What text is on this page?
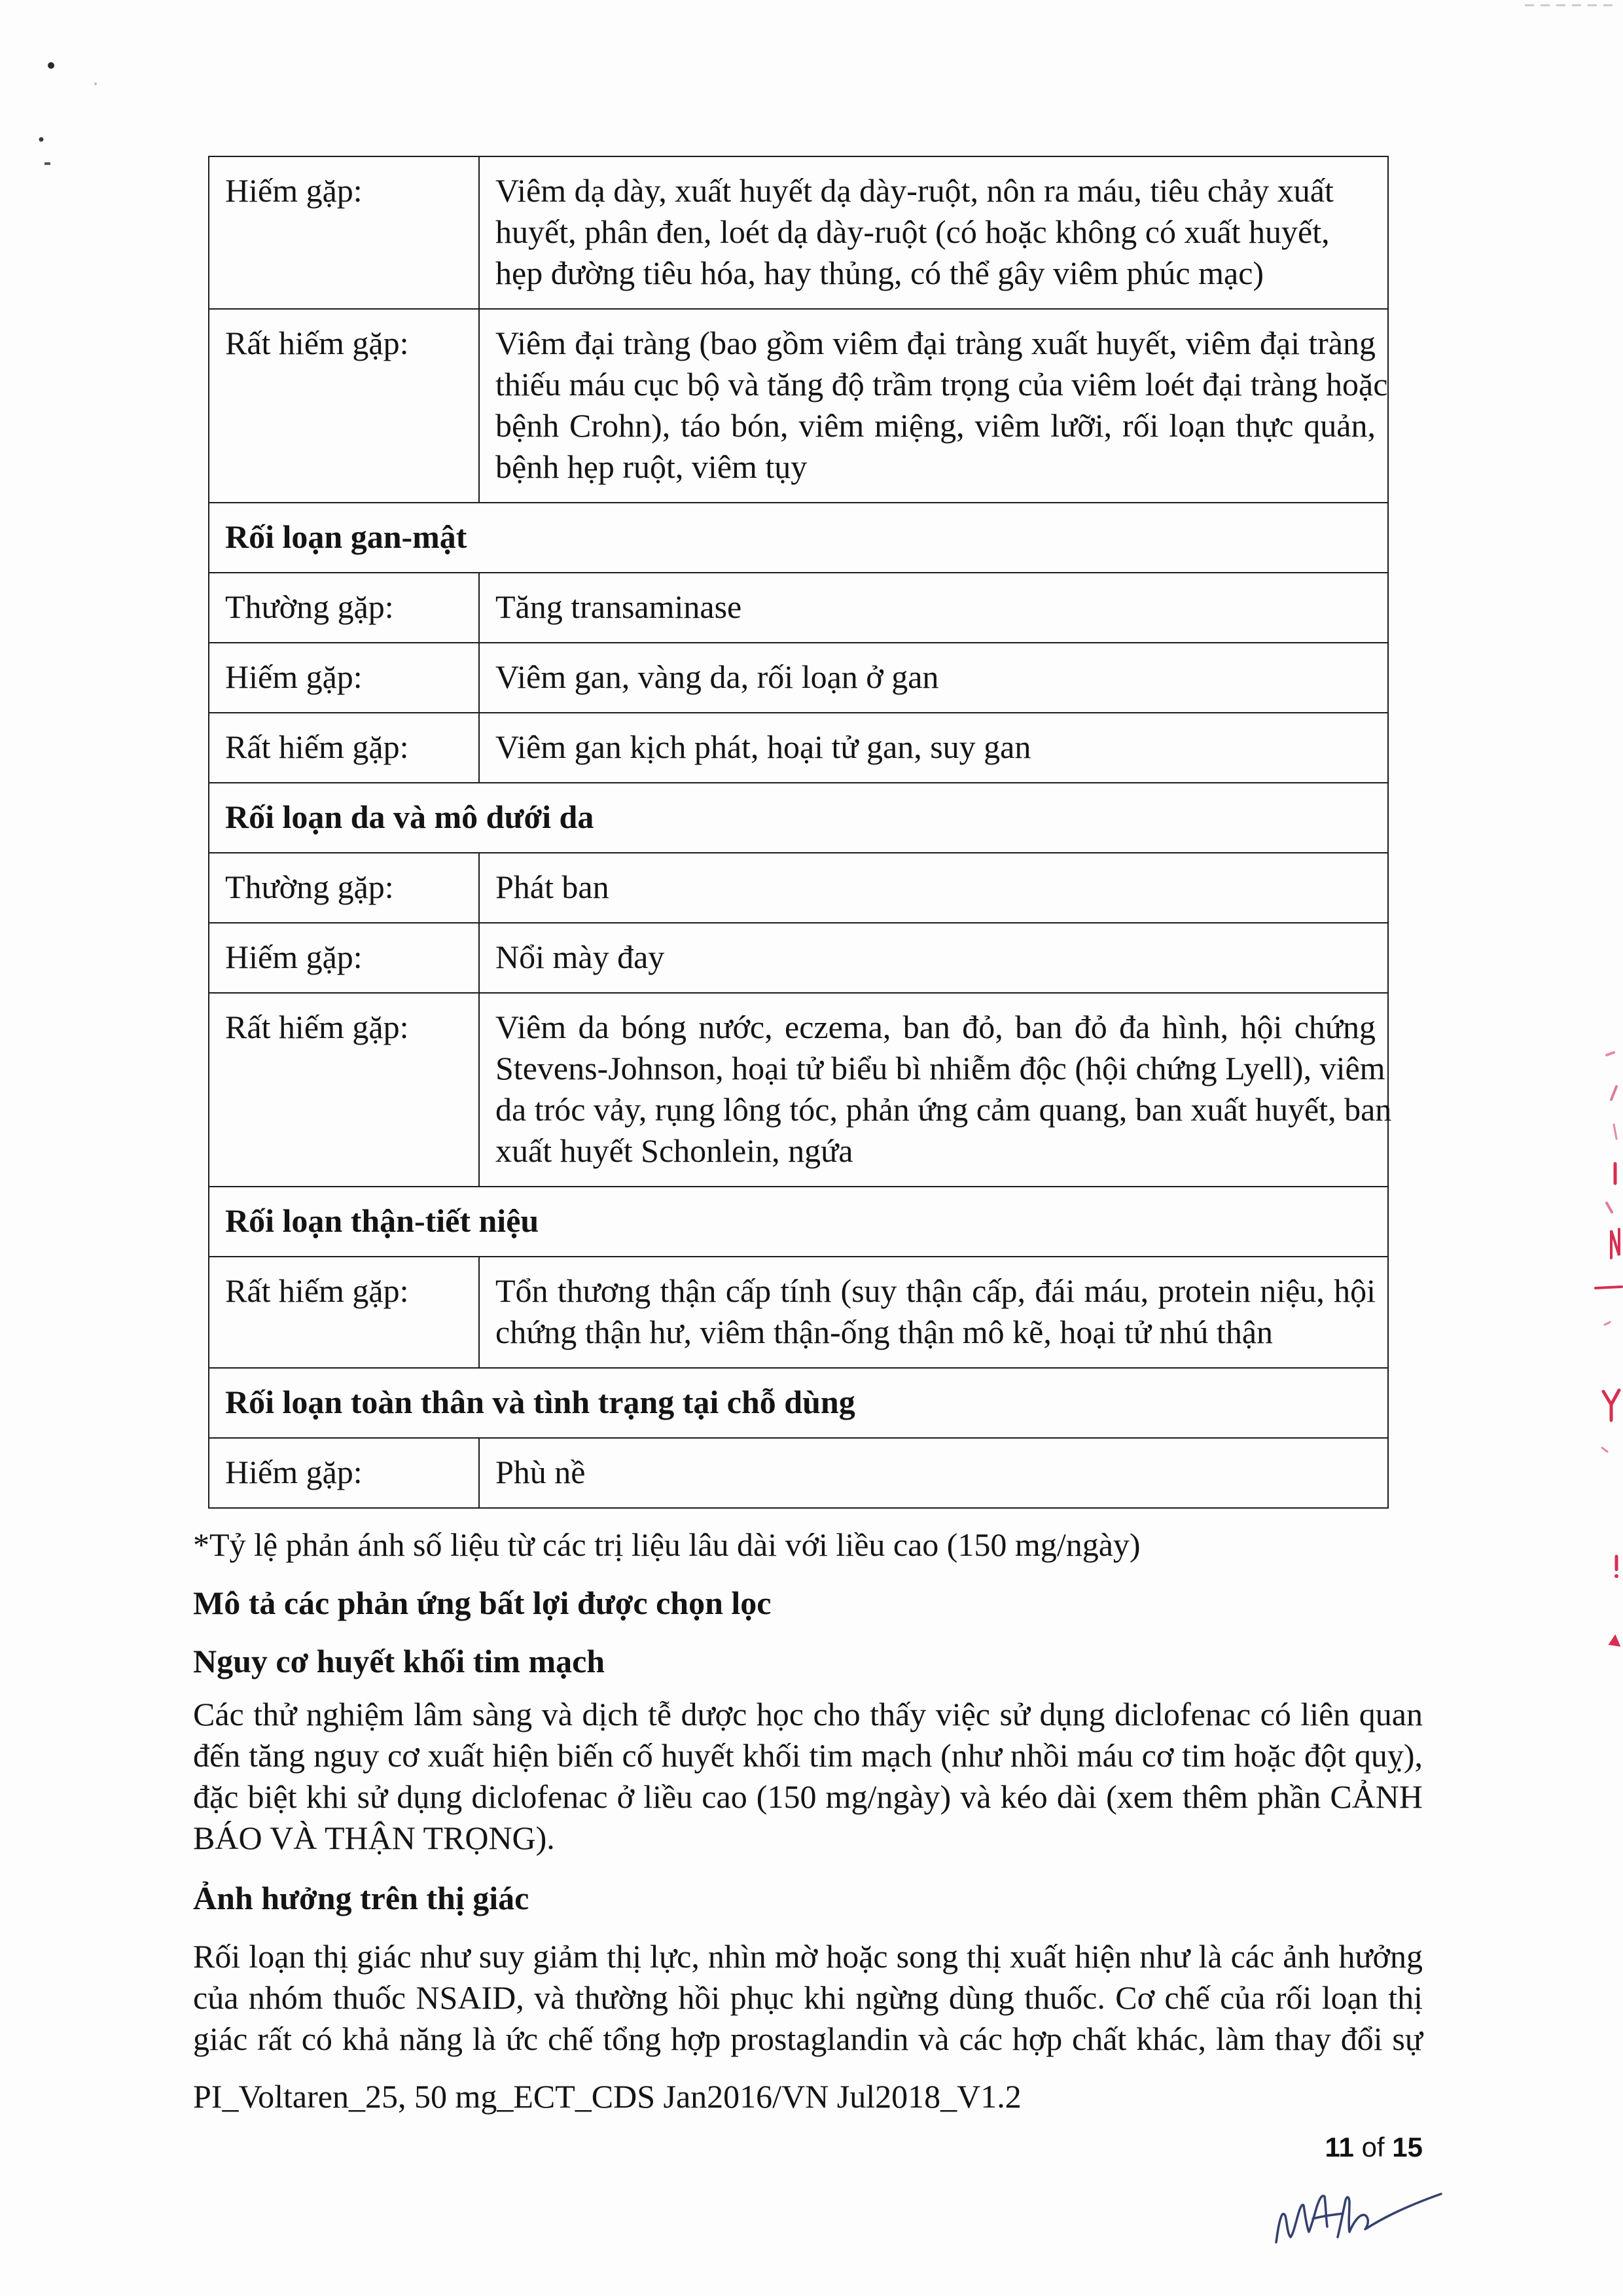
Hiếm gặp:	Viêm dạ dày, xuất huyết dạ dày-ruột, nôn ra máu, tiêu chảy xuất
huyết, phân đen, loét dạ dày-ruột (có hoặc không có xuất huyết,
hẹp đường tiêu hóa, hay thủng, có thể gây viêm phúc mạc)

Rất hiếm gặp:	Viêm đại tràng (bao gồm viêm đại tràng xuất huyết, viêm đại tràng
thiếu máu cục bộ và tăng độ trầm trọng của viêm loét đại tràng hoặc
bệnh Crohn), táo bón, viêm miệng, viêm lưỡi, rối loạn thực quản,
bệnh hẹp ruột, viêm tụy

Rối loạn gan-mật	

Thường gặp:	Tăng transaminase

Hiếm gặp:	Viêm gan, vàng da, rối loạn ở gan

Rất hiếm gặp:	Viêm gan kịch phát, hoại tử gan, suy gan

Rối loạn da và mô dưới da	

Thường gặp:	Phát ban

Hiếm gặp:	Nổi mày đay

Rất hiếm gặp:	Viêm da bóng nước, eczema, ban đỏ, ban đỏ đa hình, hội chứng
Stevens-Johnson, hoại tử biểu bì nhiễm độc (hội chứng Lyell), viêm
da tróc vảy, rụng lông tóc, phản ứng cảm quang, ban xuất huyết, ban
xuất huyết Schonlein, ngứa

Rối loạn thận-tiết niệu	

Rất hiếm gặp:	Tổn thương thận cấp tính (suy thận cấp, đái máu, protein niệu, hội
chứng thận hư, viêm thận-ống thận mô kẽ, hoại tử nhú thận

Rối loạn toàn thân và tình trạng tại chỗ dùng	

Hiếm gặp:	Phù nề
*Tỷ lệ phản ánh số liệu từ các trị liệu lâu dài với liều cao (150 mg/ngày)
Mô tả các phản ứng bất lợi được chọn lọc
Nguy cơ huyết khối tim mạch
Các thử nghiệm lâm sàng và dịch tễ dược học cho thấy việc sử dụng diclofenac có liên quan
đến tăng nguy cơ xuất hiện biến cố huyết khối tim mạch (như nhồi máu cơ tim hoặc đột quỵ),
đặc biệt khi sử dụng diclofenac ở liều cao (150 mg/ngày) và kéo dài (xem thêm phần CẢNH
BÁO VÀ THẬN TRỌNG).
Ảnh hưởng trên thị giác
Rối loạn thị giác như suy giảm thị lực, nhìn mờ hoặc song thị xuất hiện như là các ảnh hưởng
của nhóm thuốc NSAID, và thường hồi phục khi ngừng dùng thuốc. Cơ chế của rối loạn thị
giác rất có khả năng là ức chế tổng hợp prostaglandin và các hợp chất khác, làm thay đổi sự
PI_Voltaren_25, 50 mg_ECT_CDS Jan2016/VN Jul2018_V1.2
11 of 15
